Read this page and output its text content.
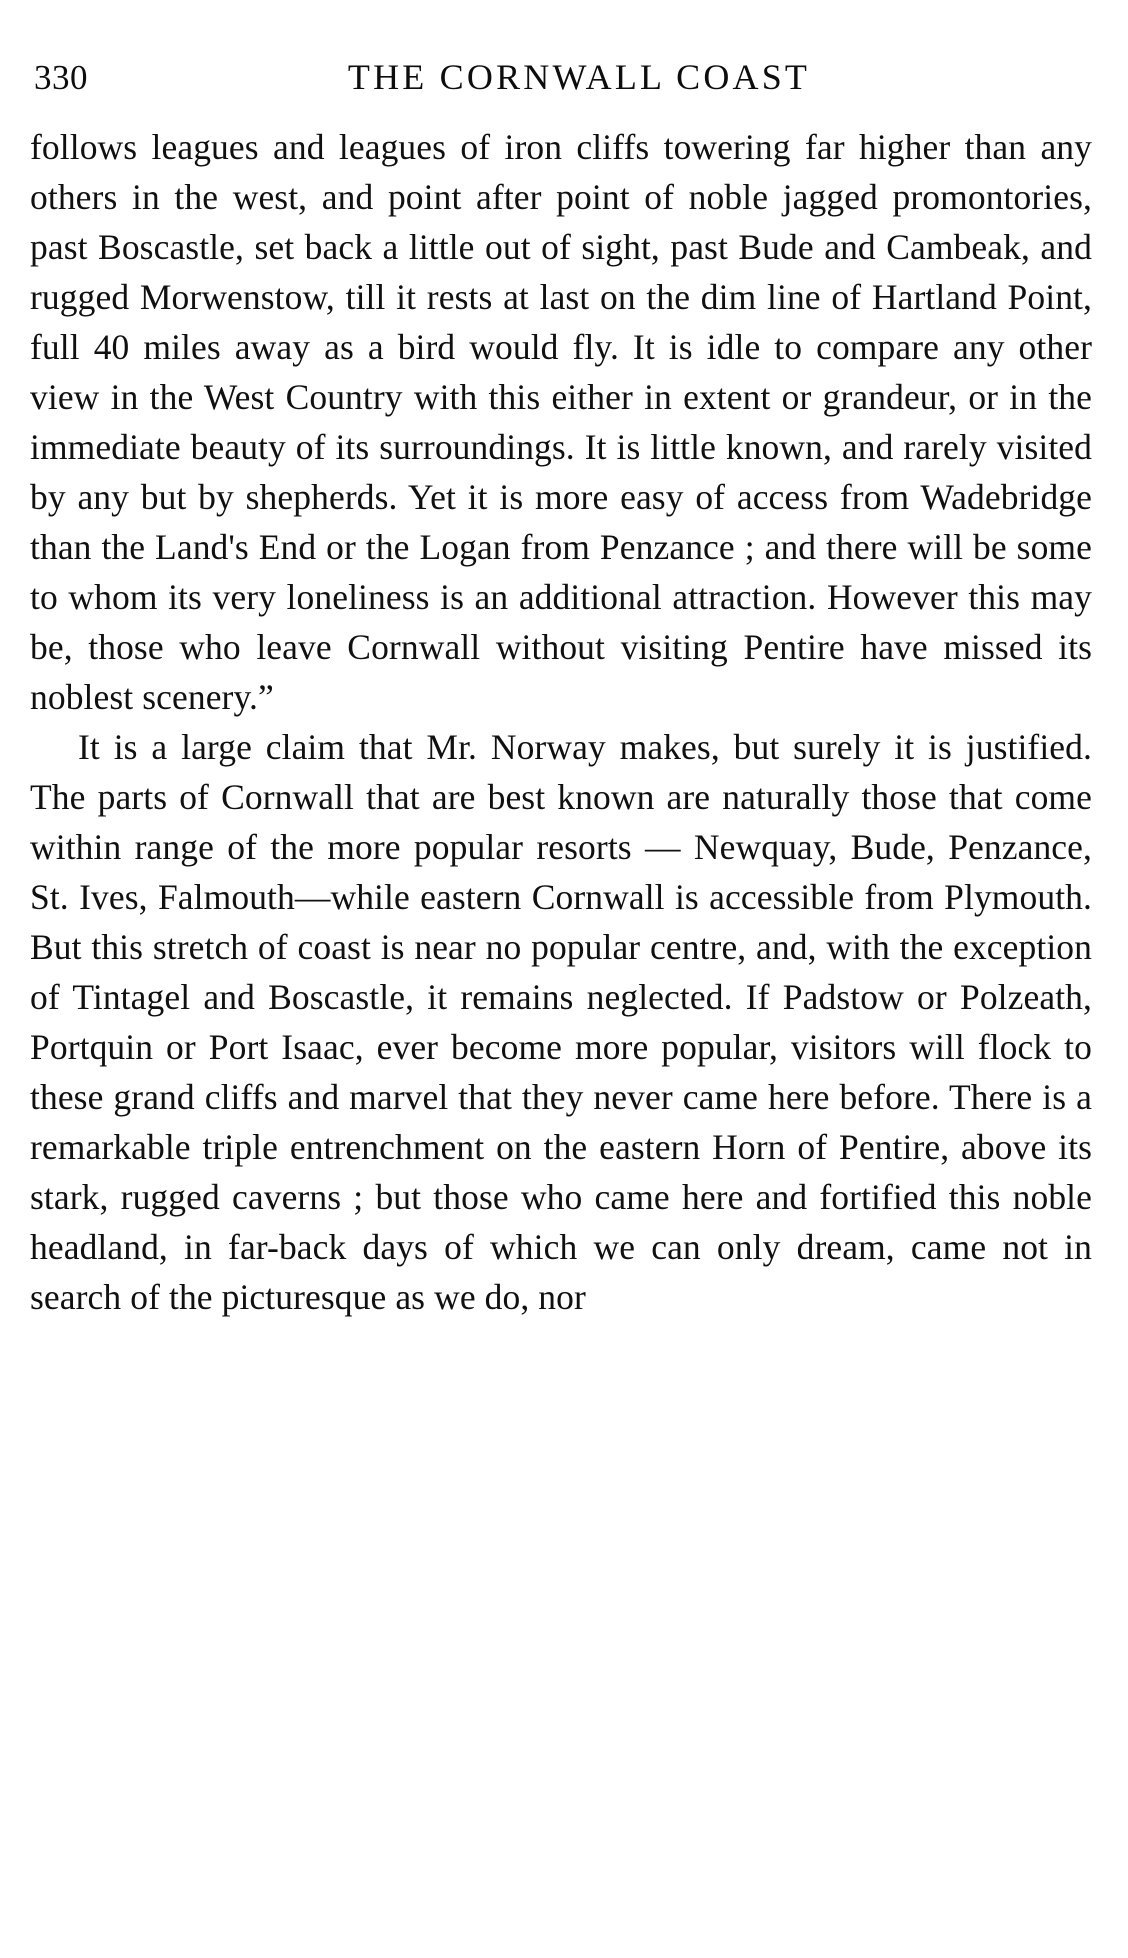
330	THE CORNWALL COAST

follows leagues and leagues of iron cliffs towering far higher than any others in the west, and point after point of noble jagged promontories, past Boscastle, set back a little out of sight, past Bude and Cambeak, and rugged Morwenstow, till it rests at last on the dim line of Hartland Point, full 40 miles away as a bird would fly. It is idle to compare any other view in the West Country with this either in extent or grandeur, or in the immediate beauty of its surroundings. It is little known, and rarely visited by any but by shepherds. Yet it is more easy of access from Wadebridge than the Land's End or the Logan from Penzance ; and there will be some to whom its very loneliness is an additional attraction. However this may be, those who leave Cornwall without visiting Pentire have missed its noblest scenery.”

It is a large claim that Mr. Norway makes, but surely it is justified. The parts of Cornwall that are best known are naturally those that come within range of the more popular resorts — Newquay, Bude, Penzance, St. Ives, Falmouth—while eastern Cornwall is accessible from Plymouth. But this stretch of coast is near no popular centre, and, with the exception of Tintagel and Boscastle, it remains neglected. If Padstow or Polzeath, Portquin or Port Isaac, ever become more popular, visitors will flock to these grand cliffs and marvel that they never came here before. There is a remarkable triple entrenchment on the eastern Horn of Pentire, above its stark, rugged caverns ; but those who came here and fortified this noble headland, in far-back days of which we can only dream, came not in search of the picturesque as we do, nor
